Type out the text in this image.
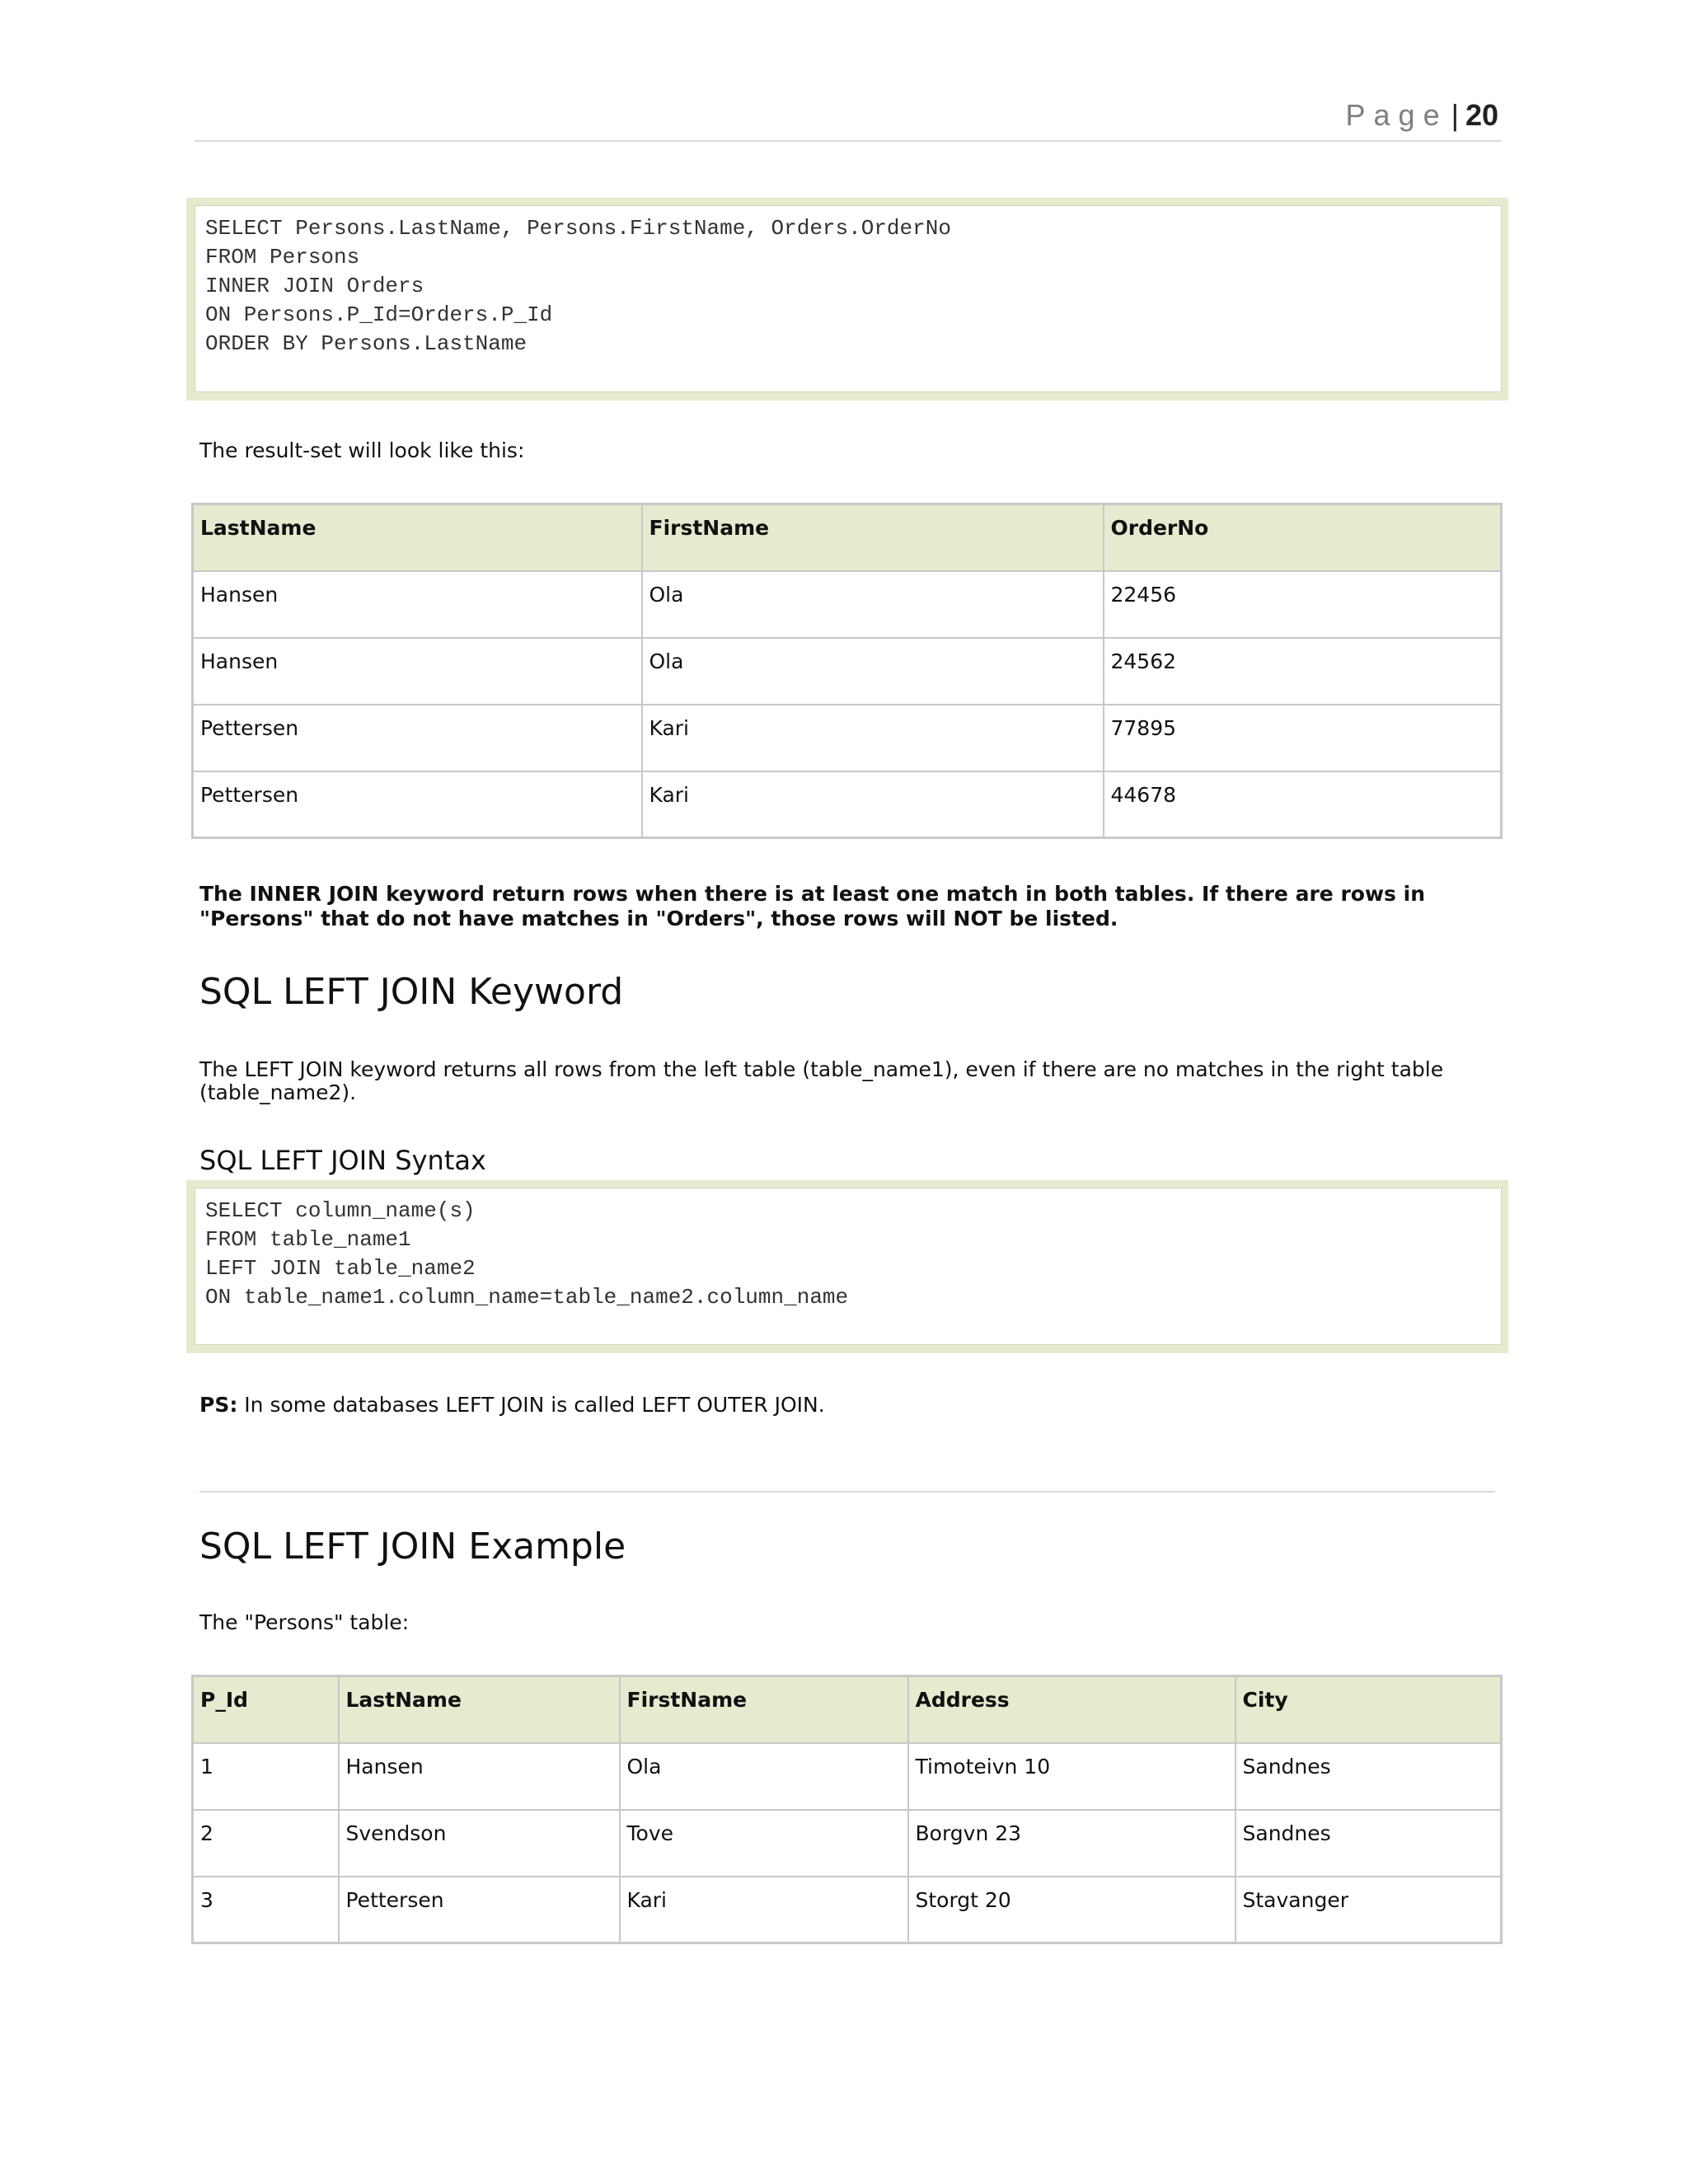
Page | 20
SELECT Persons.LastName, Persons.FirstName, Orders.OrderNo
FROM Persons
INNER JOIN Orders
ON Persons.P_Id=Orders.P_Id
ORDER BY Persons.LastName

The result-set will look like this:

LastName	FirstName	OrderNo
Hansen	Ola	22456
Hansen	Ola	24562
Pettersen	Kari	77895
Pettersen	Kari	44678

The INNER JOIN keyword return rows when there is at least one match in both tables. If there are rows in "Persons" that do not have matches in "Orders", those rows will NOT be listed.

SQL LEFT JOIN Keyword

The LEFT JOIN keyword returns all rows from the left table (table_name1), even if there are no matches in the right table (table_name2).

SQL LEFT JOIN Syntax
SELECT column_name(s)
FROM table_name1
LEFT JOIN table_name2
ON table_name1.column_name=table_name2.column_name

PS: In some databases LEFT JOIN is called LEFT OUTER JOIN.

SQL LEFT JOIN Example

The "Persons" table:

P_Id	LastName	FirstName	Address	City
1	Hansen	Ola	Timoteivn 10	Sandnes
2	Svendson	Tove	Borgvn 23	Sandnes
3	Pettersen	Kari	Storgt 20	Stavanger
